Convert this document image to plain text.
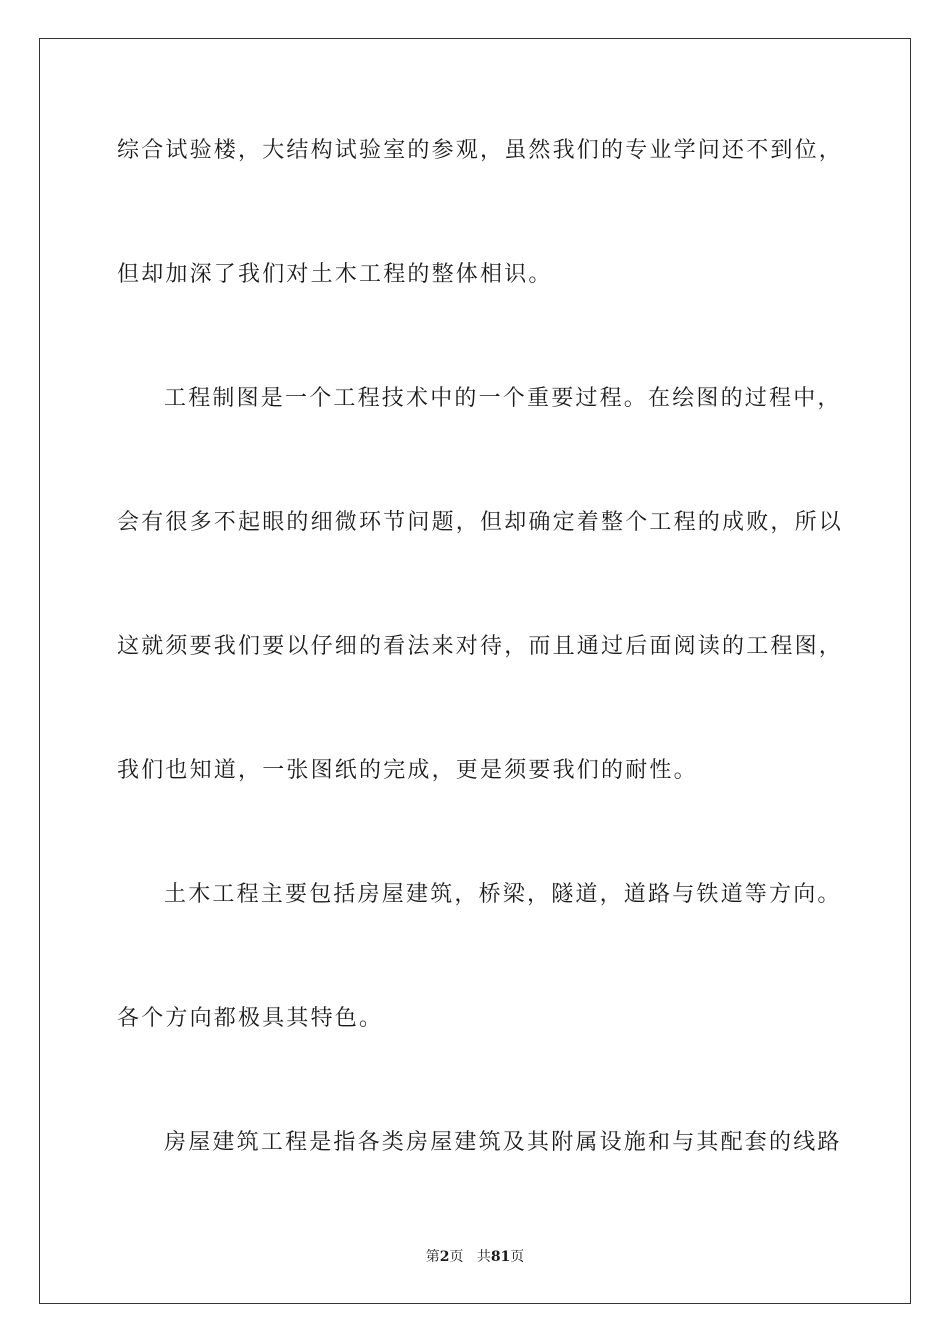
综合试验楼，大结构试验室的参观，虽然我们的专业学问还不到位，
但却加深了我们对土木工程的整体相识。
工程制图是一个工程技术中的一个重要过程。在绘图的过程中，
会有很多不起眼的细微环节问题，但却确定着整个工程的成败，所以
这就须要我们要以仔细的看法来对待，而且通过后面阅读的工程图，
我们也知道，一张图纸的完成，更是须要我们的耐性。
土木工程主要包括房屋建筑，桥梁，隧道，道路与铁道等方向。
各个方向都极具其特色。
房屋建筑工程是指各类房屋建筑及其附属设施和与其配套的线路
第2页 共81页
